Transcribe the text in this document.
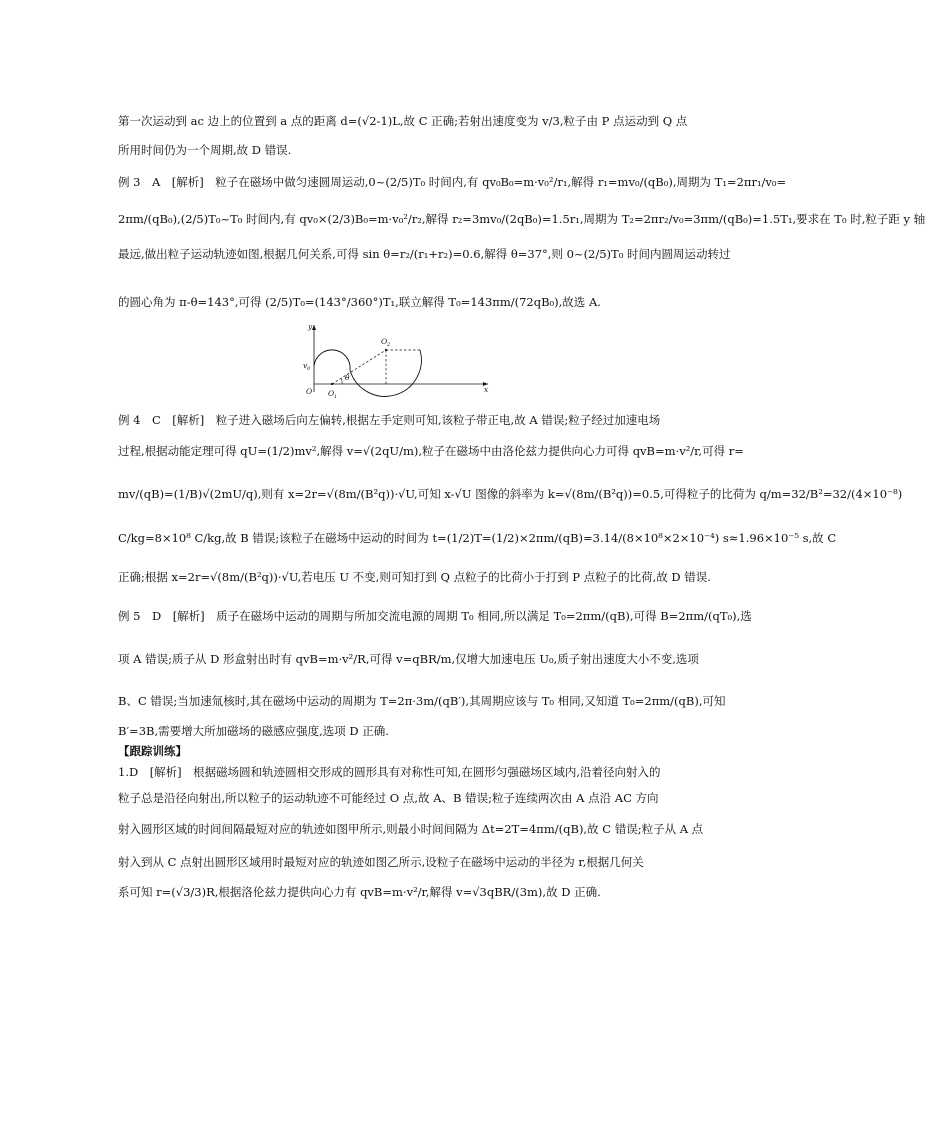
第一次运动到 ac 边上的位置到 a 点的距离 d=(√2-1)L,故 C 正确;若射出速度变为 v/3,粒子由 P 点运动到 Q 点
所用时间仍为一个周期,故 D 错误.
例 3　A　[解析]　粒子在磁场中做匀速圆周运动,0~(2/5)T₀ 时间内,有 qv₀B₀=m·v₀²/r₁,解得 r₁=mv₀/(qB₀),周期为 T₁=2πr₁/v₀=
2πm/(qB₀),(2/5)T₀~T₀ 时间内,有 qv₀×(2/3)B₀=m·v₀²/r₂,解得 r₂=3mv₀/(2qB₀)=1.5r₁,周期为 T₂=2πr₂/v₀=3πm/(qB₀)=1.5T₁,要求在 T₀ 时,粒子距 y 轴
最远,做出粒子运动轨迹如图,根据几何关系,可得 sin θ=r₂/(r₁+r₂)=0.6,解得 θ=37°,则 0~(2/5)T₀ 时间内圆周运动转过
的圆心角为 π-θ=143°,可得 (2/5)T₀=(143°/360°)T₁,联立解得 T₀=143πm/(72qB₀),故选 A.
y
x
O
v 0
O 1
O 2
θ
例 4　C　[解析]　粒子进入磁场后向左偏转,根据左手定则可知,该粒子带正电,故 A 错误;粒子经过加速电场
过程,根据动能定理可得 qU=(1/2)mv²,解得 v=√(2qU/m),粒子在磁场中由洛伦兹力提供向心力可得 qvB=m·v²/r,可得 r=
mv/(qB)=(1/B)√(2mU/q),则有 x=2r=√(8m/(B²q))·√U,可知 x-√U 图像的斜率为 k=√(8m/(B²q))=0.5,可得粒子的比荷为 q/m=32/B²=32/(4×10⁻⁸)
C/kg=8×10⁸ C/kg,故 B 错误;该粒子在磁场中运动的时间为 t=(1/2)T=(1/2)×2πm/(qB)=3.14/(8×10⁸×2×10⁻⁴) s≈1.96×10⁻⁵ s,故 C
正确;根据 x=2r=√(8m/(B²q))·√U,若电压 U 不变,则可知打到 Q 点粒子的比荷小于打到 P 点粒子的比荷,故 D 错误.
例 5　D　[解析]　质子在磁场中运动的周期与所加交流电源的周期 T₀ 相同,所以满足 T₀=2πm/(qB),可得 B=2πm/(qT₀),选
项 A 错误;质子从 D 形盒射出时有 qvB=m·v²/R,可得 v=qBR/m,仅增大加速电压 U₀,质子射出速度大小不变,选项
B、C 错误;当加速氚核时,其在磁场中运动的周期为 T=2π·3m/(qB′),其周期应该与 T₀ 相同,又知道 T₀=2πm/(qB),可知
B′=3B,需要增大所加磁场的磁感应强度,选项 D 正确.
【跟踪训练】
1.D　[解析]　根据磁场圆和轨迹圆相交形成的圆形具有对称性可知,在圆形匀强磁场区域内,沿着径向射入的
粒子总是沿径向射出,所以粒子的运动轨迹不可能经过 O 点,故 A、B 错误;粒子连续两次由 A 点沿 AC 方向
射入圆形区域的时间间隔最短对应的轨迹如图甲所示,则最小时间间隔为 Δt=2T=4πm/(qB),故 C 错误;粒子从 A 点
射入到从 C 点射出圆形区域用时最短对应的轨迹如图乙所示,设粒子在磁场中运动的半径为 r,根据几何关
系可知 r=(√3/3)R,根据洛伦兹力提供向心力有 qvB=m·v²/r,解得 v=√3qBR/(3m),故 D 正确.
